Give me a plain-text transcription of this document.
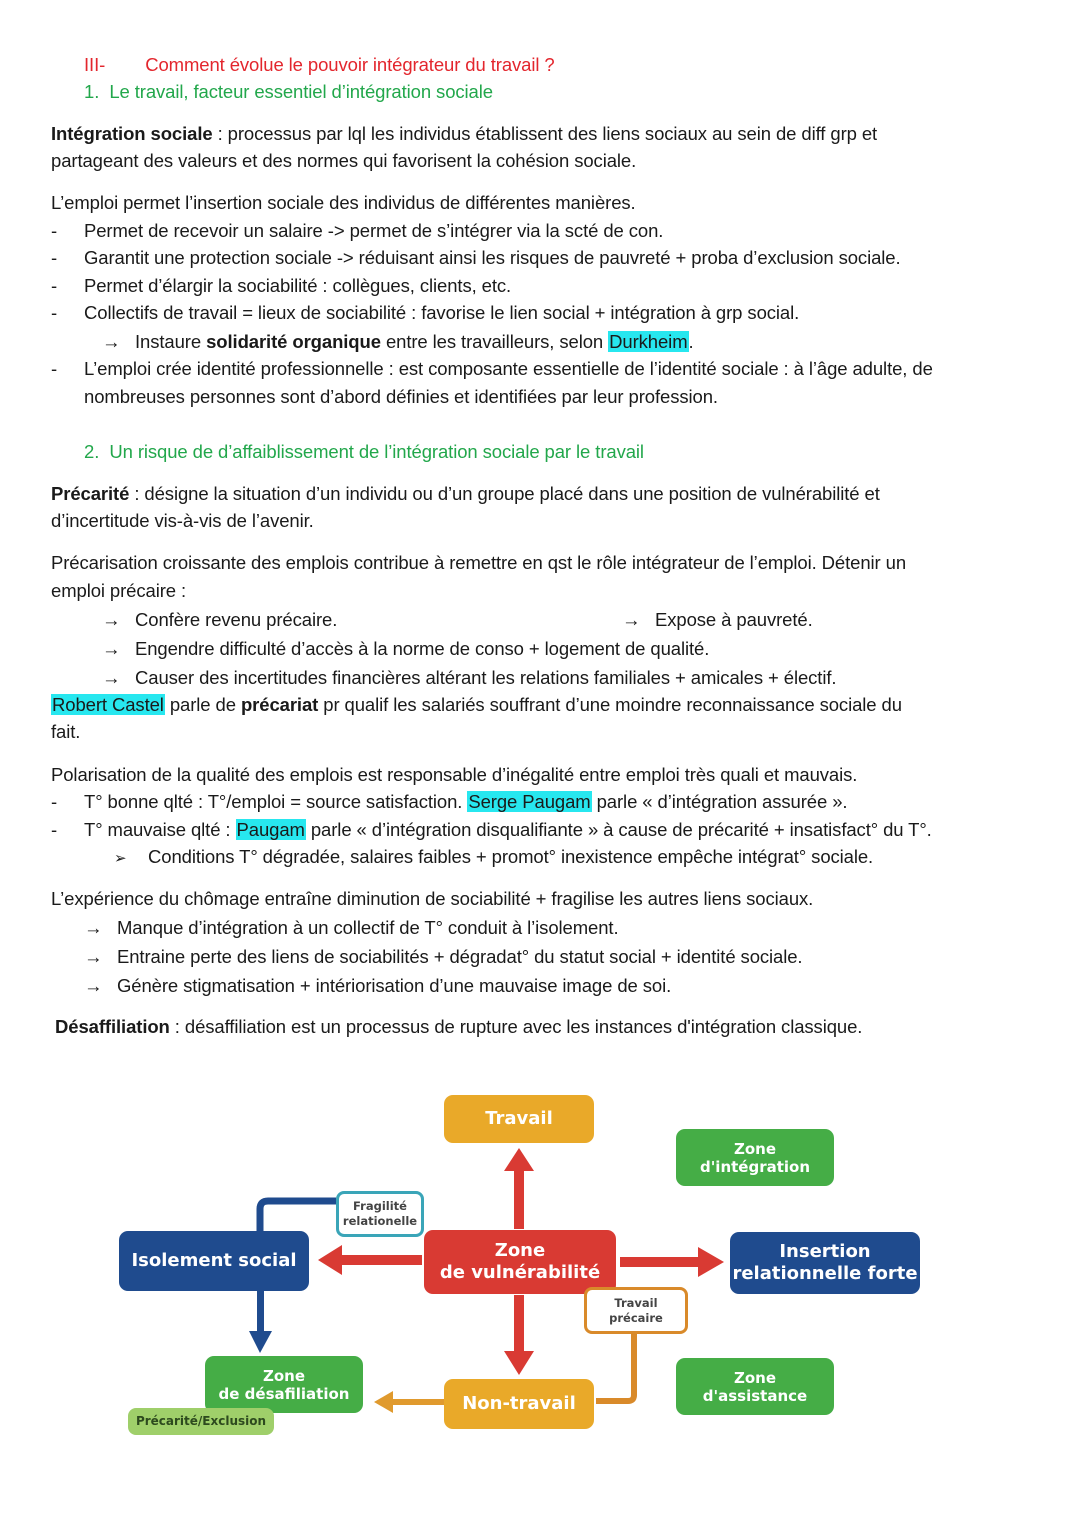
III- Comment évolue le pouvoir intégrateur du travail ?
1. Le travail, facteur essentiel d’intégration sociale
Intégration sociale : processus par lql les individus établissent des liens sociaux au sein de diff grp et
partageant des valeurs et des normes qui favorisent la cohésion sociale.
L’emploi permet l’insertion sociale des individus de différentes manières.
- Permet de recevoir un salaire -> permet de s’intégrer via la scté de con.
- Garantit une protection sociale -> réduisant ainsi les risques de pauvreté + proba d’exclusion sociale.
- Permet d’élargir la sociabilité : collègues, clients, etc.
- Collectifs de travail = lieux de sociabilité : favorise le lien social + intégration à grp social.
→ Instaure solidarité organique entre les travailleurs, selon Durkheim.
- L’emploi crée identité professionnelle : est composante essentielle de l’identité sociale : à l’âge adulte, de
nombreuses personnes sont d’abord définies et identifiées par leur profession.
2. Un risque de d’affaiblissement de l’intégration sociale par le travail
Précarité : désigne la situation d’un individu ou d’un groupe placé dans une position de vulnérabilité et
d’incertitude vis-à-vis de l’avenir.
Précarisation croissante des emplois contribue à remettre en qst le rôle intégrateur de l’emploi. Détenir un
emploi précaire :
→ Confère revenu précaire.	→ Expose à pauvreté.
→ Engendre difficulté d’accès à la norme de conso + logement de qualité.
→ Causer des incertitudes financières altérant les relations familiales + amicales + électif.
Robert Castel parle de précariat pr qualif les salariés souffrant d’une moindre reconnaissance sociale du
fait.
Polarisation de la qualité des emplois est responsable d’inégalité entre emploi très quali et mauvais.
- T° bonne qlté : T°/emploi = source satisfaction. Serge Paugam parle « d’intégration assurée ».
- T° mauvaise qlté : Paugam parle « d’intégration disqualifiante » à cause de précarité + insatisfact° du T°.
➢ Conditions T° dégradée, salaires faibles + promot° inexistence empêche intégrat° sociale.
L’expérience du chômage entraîne diminution de sociabilité + fragilise les autres liens sociaux.
→ Manque d’intégration à un collectif de T° conduit à l’isolement.
→ Entraine perte des liens de sociabilités + dégradat° du statut social + identité sociale.
→ Génère stigmatisation + intériorisation d’une mauvaise image de soi.
Désaffiliation : désaffiliation est un processus de rupture avec les instances d'intégration classique.
Travail
Zone
d'intégration
Fragilité
relationelle
Isolement social	Zone
de vulnérabilité
Insertion
relationnelle forte
Travail
précaire
Zone
de désafiliation
Précarité/Exclusion
Non-travail
Zone
d'assistance
